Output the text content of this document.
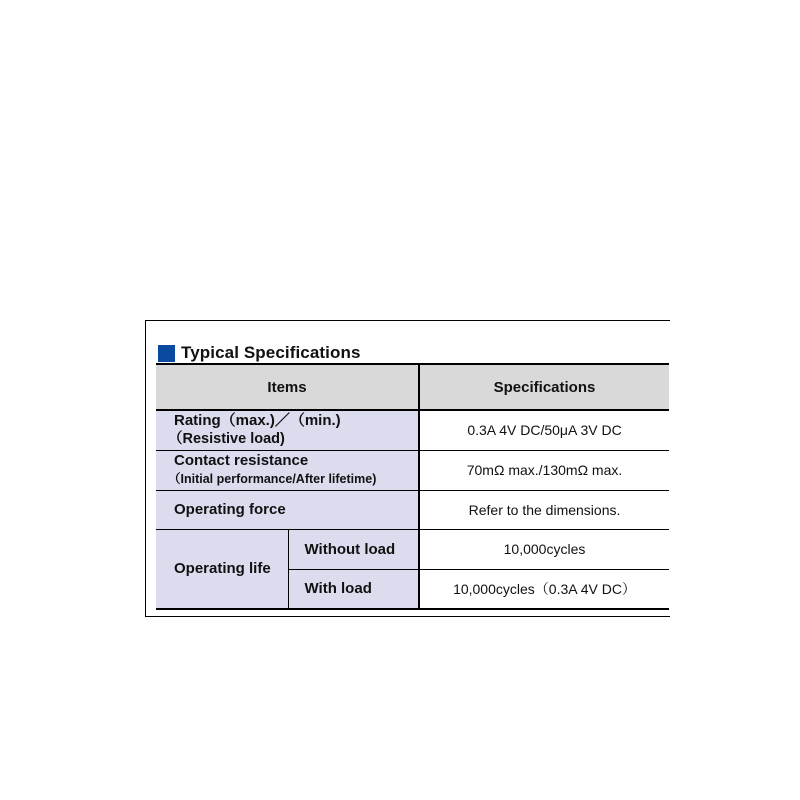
Typical Specifications
Items		Specifications

Rating（max.)／（min.)
（Resistive load)		0.3A 4V DC/50μA 3V DC

Contact resistance
（Initial performance/After lifetime)		70mΩ max./130mΩ max.

Operating force		Refer to the dimensions.
Operating life	Without load	10,000cycles
	With load	10,000cycles（0.3A 4V DC）
